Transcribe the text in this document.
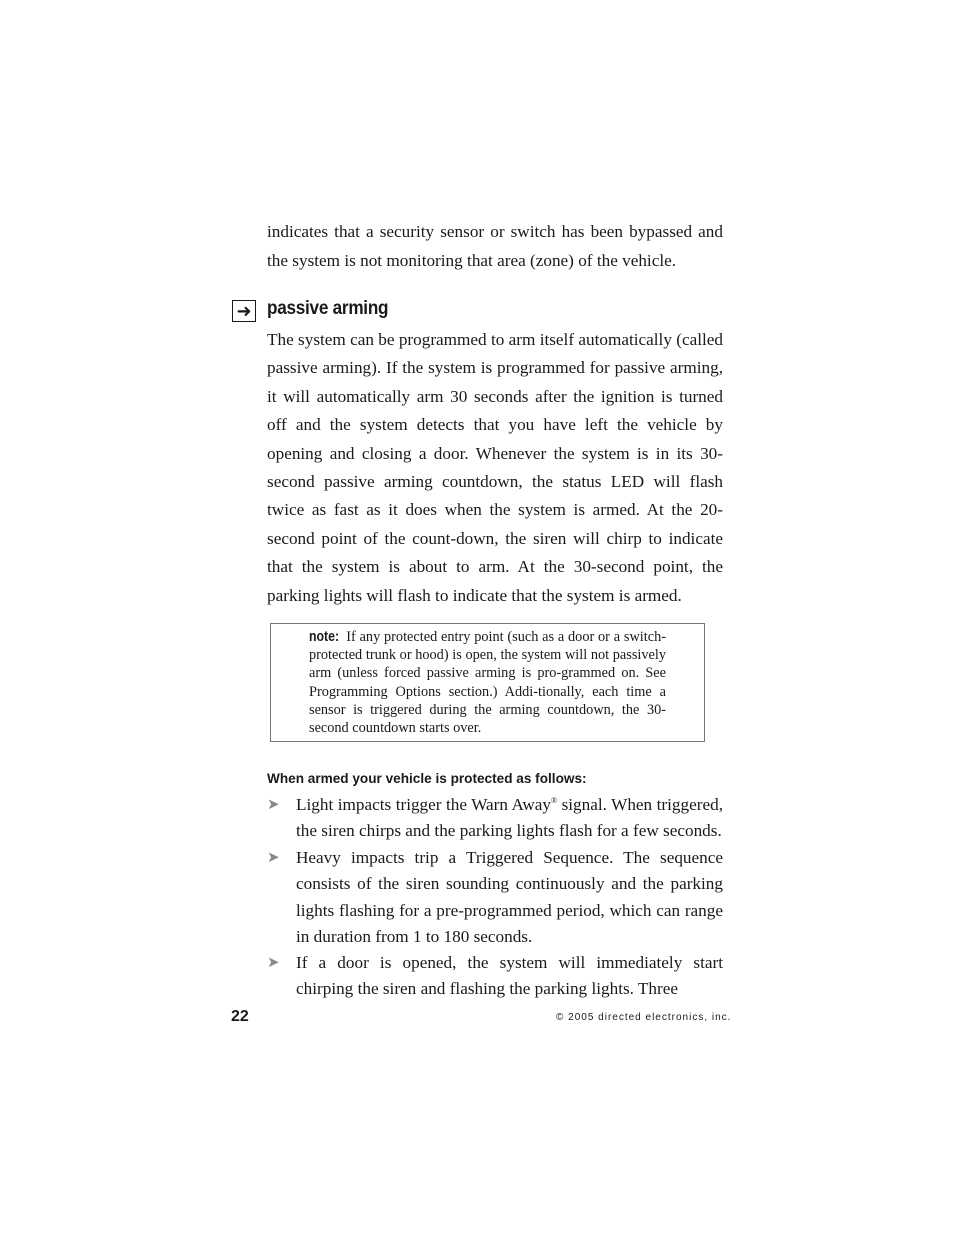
indicates that a security sensor or switch has been bypassed and the system is not monitoring that area (zone) of the vehicle.

➜ passive arming

The system can be programmed to arm itself automatically (called passive arming). If the system is programmed for passive arming, it will automatically arm 30 seconds after the ignition is turned off and the system detects that you have left the vehicle by opening and closing a door. Whenever the system is in its 30-second passive arming countdown, the status LED will flash twice as fast as it does when the system is armed. At the 20-second point of the count-down, the siren will chirp to indicate that the system is about to arm. At the 30-second point, the parking lights will flash to indicate that the system is armed.

note: If any protected entry point (such as a door or a switch-protected trunk or hood) is open, the system will not passively arm (unless forced passive arming is pro-grammed on. See Programming Options section.) Addi-tionally, each time a sensor is triggered during the arming countdown, the 30-second countdown starts over.

When armed your vehicle is protected as follows:
➤ Light impacts trigger the Warn Away® signal. When triggered, the siren chirps and the parking lights flash for a few seconds.

➤ Heavy impacts trip a Triggered Sequence. The sequence consists of the siren sounding continuously and the parking lights flashing for a pre-programmed period, which can range in duration from 1 to 180 seconds.

➤ If a door is opened, the system will immediately start chirping the siren and flashing the parking lights. Three

22	© 2005 directed electronics, inc.
